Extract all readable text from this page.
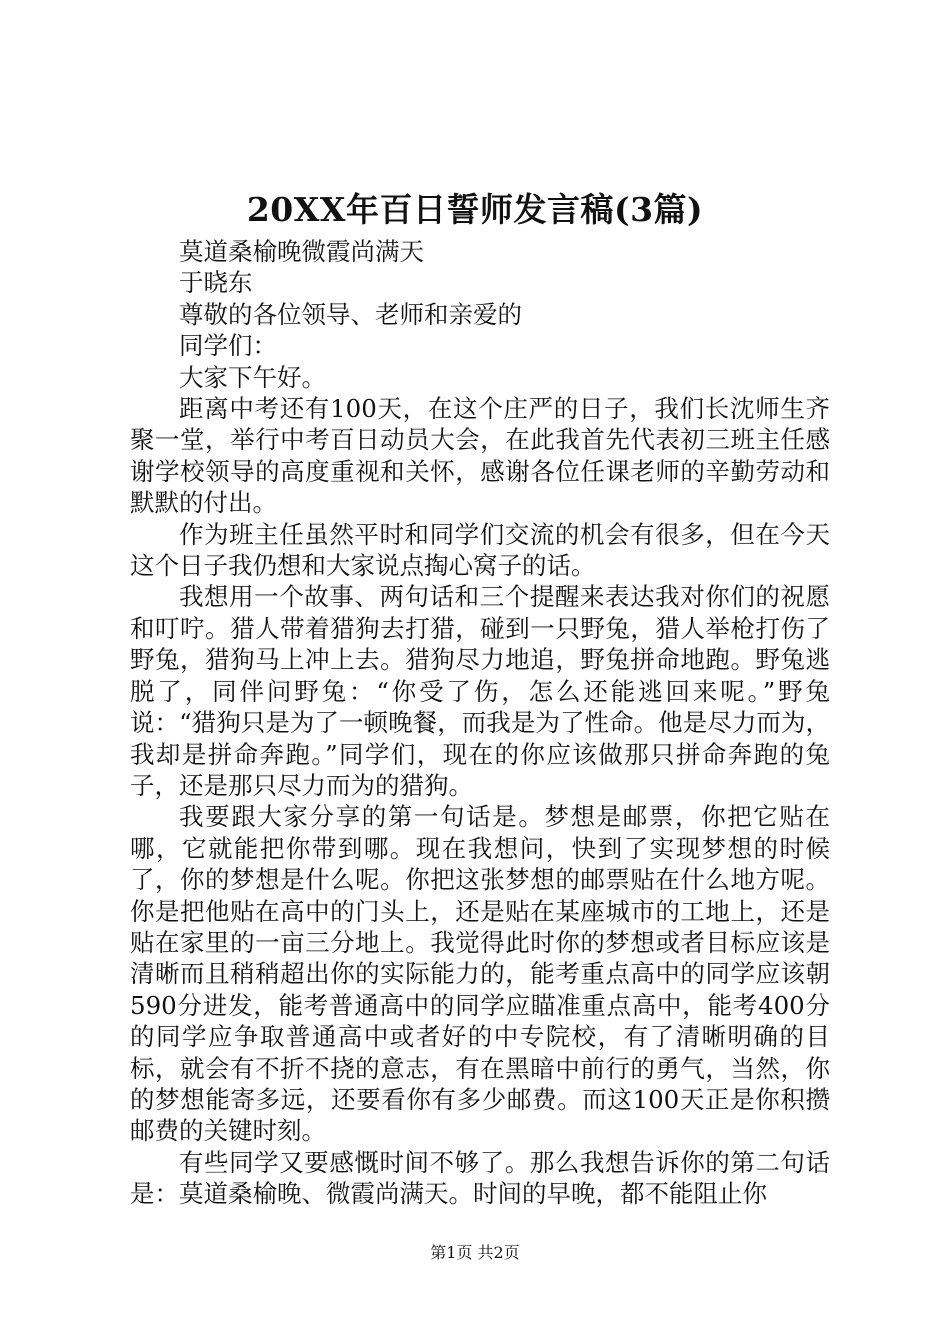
20XX年百日誓师发言稿(3篇)

莫道桑榆晚微霞尚满天

于晓东

尊敬的各位领导、老师和亲爱的

同学们：

大家下午好。

距离中考还有100天，在这个庄严的日子，我们长沈师生齐聚一堂，举行中考百日动员大会，在此我首先代表初三班主任感谢学校领导的高度重视和关怀，感谢各位任课老师的辛勤劳动和默默的付出。

作为班主任虽然平时和同学们交流的机会有很多，但在今天这个日子我仍想和大家说点掏心窝子的话。

我想用一个故事、两句话和三个提醒来表达我对你们的祝愿和叮咛。猎人带着猎狗去打猎，碰到一只野兔，猎人举枪打伤了野兔，猎狗马上冲上去。猎狗尽力地追，野兔拼命地跑。野兔逃脱了，同伴问野兔：“你受了伤，怎么还能逃回来呢。”野兔说：“猎狗只是为了一顿晚餐，而我是为了性命。他是尽力而为，我却是拼命奔跑。”同学们，现在的你应该做那只拼命奔跑的兔子，还是那只尽力而为的猎狗。

我要跟大家分享的第一句话是。梦想是邮票，你把它贴在哪，它就能把你带到哪。现在我想问，快到了实现梦想的时候了，你的梦想是什么呢。你把这张梦想的邮票贴在什么地方呢。你是把他贴在高中的门头上，还是贴在某座城市的工地上，还是贴在家里的一亩三分地上。我觉得此时你的梦想或者目标应该是清晰而且稍稍超出你的实际能力的，能考重点高中的同学应该朝590分进发，能考普通高中的同学应瞄准重点高中，能考400分的同学应争取普通高中或者好的中专院校，有了清晰明确的目标，就会有不折不挠的意志，有在黑暗中前行的勇气，当然，你的梦想能寄多远，还要看你有多少邮费。而这100天正是你积攒邮费的关键时刻。

有些同学又要感慨时间不够了。那么我想告诉你的第二句话是：莫道桑榆晚、微霞尚满天。时间的早晚，都不能阻止你

第1页 共2页
